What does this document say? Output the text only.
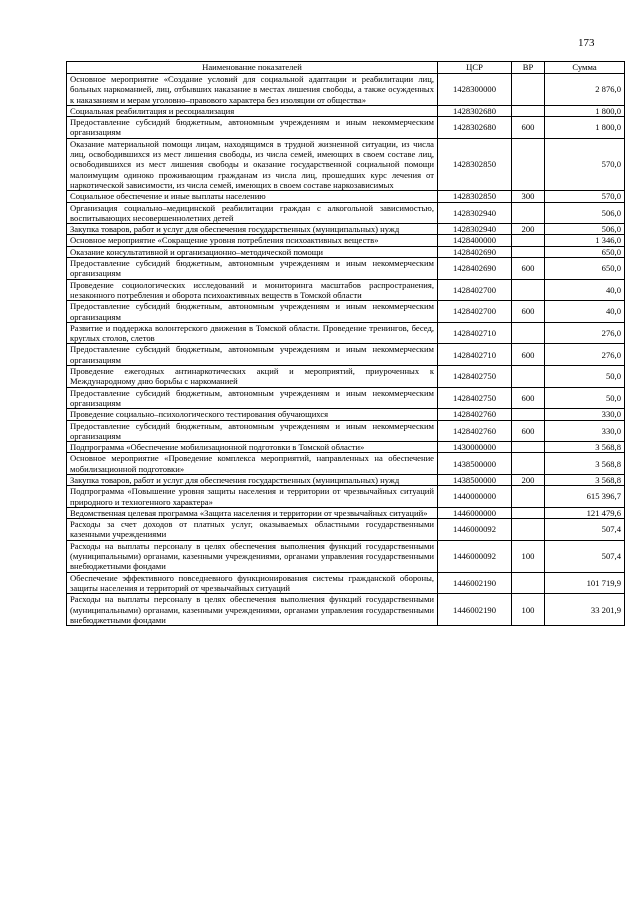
173
Наименование показателей	ЦСР	ВР	Сумма
Основное мероприятие «Создание условий для социальной адаптации и реабилитации лиц, больных наркоманией, лиц, отбывших наказание в местах лишения свободы, а также осужденных к наказаниям и мерам уголовно–правового характера без изоляции от общества»	1428300000		2 876,0
Социальная реабилитация и ресоциализация	1428302680		1 800,0
Предоставление субсидий бюджетным, автономным учреждениям и иным некоммерческим организациям	1428302680	600	1 800,0
Оказание материальной помощи лицам, находящимся в трудной жизненной ситуации, из числа лиц, освободившихся из мест лишения свободы, из числа семей, имеющих в своем составе лиц, освободившихся из мест лишения свободы и оказание государственной социальной помощи малоимущим одиноко проживающим гражданам из числа лиц, прошедших курс лечения от наркотической зависимости, из числа семей, имеющих в своем составе наркозависимых	1428302850		570,0
Социальное обеспечение и иные выплаты населению	1428302850	300	570,0
Организация социально–медицинской реабилитации граждан с алкогольной зависимостью, воспитывающих несовершеннолетних детей	1428302940		506,0
Закупка товаров, работ и услуг для обеспечения государственных (муниципальных) нужд	1428302940	200	506,0
Основное мероприятие «Сокращение уровня потребления психоактивных веществ»	1428400000		1 346,0
Оказание консультативной и организационно–методической помощи	1428402690		650,0
Предоставление субсидий бюджетным, автономным учреждениям и иным некоммерческим организациям	1428402690	600	650,0
Проведение социологических исследований и мониторинга масштабов распространения, незаконного потребления и оборота психоактивных веществ в Томской области	1428402700		40,0
Предоставление субсидий бюджетным, автономным учреждениям и иным некоммерческим организациям	1428402700	600	40,0
Развитие и поддержка волонтерского движения в Томской области. Проведение тренингов, бесед, круглых столов, слетов	1428402710		276,0
Предоставление субсидий бюджетным, автономным учреждениям и иным некоммерческим организациям	1428402710	600	276,0
Проведение ежегодных антинаркотических акций и мероприятий, приуроченных к Международному дню борьбы с наркоманией	1428402750		50,0
Предоставление субсидий бюджетным, автономным учреждениям и иным некоммерческим организациям	1428402750	600	50,0
Проведение социально–психологического тестирования обучающихся	1428402760		330,0
Предоставление субсидий бюджетным, автономным учреждениям и иным некоммерческим организациям	1428402760	600	330,0
Подпрограмма «Обеспечение мобилизационной подготовки в Томской области»	1430000000		3 568,8
Основное мероприятие «Проведение комплекса мероприятий, направленных на обеспечение мобилизационной подготовки»	1438500000		3 568,8
Закупка товаров, работ и услуг для обеспечения государственных (муниципальных) нужд	1438500000	200	3 568,8
Подпрограмма «Повышение уровня защиты населения и территории от чрезвычайных ситуаций природного и техногенного характера»	1440000000		615 396,7
Ведомственная целевая программа «Защита населения и территории от чрезвычайных ситуаций»	1446000000		121 479,6
Расходы за счет доходов от платных услуг, оказываемых областными государственными казенными учреждениями	1446000092		507,4
Расходы на выплаты персоналу в целях обеспечения выполнения функций государственными (муниципальными) органами, казенными учреждениями, органами управления государственными внебюджетными фондами	1446000092	100	507,4
Обеспечение эффективного повседневного функционирования системы гражданской обороны, защиты населения и территорий от чрезвычайных ситуаций	1446002190		101 719,9
Расходы на выплаты персоналу в целях обеспечения выполнения функций государственными (муниципальными) органами, казенными учреждениями, органами управления государственными внебюджетными фондами	1446002190	100	33 201,9
